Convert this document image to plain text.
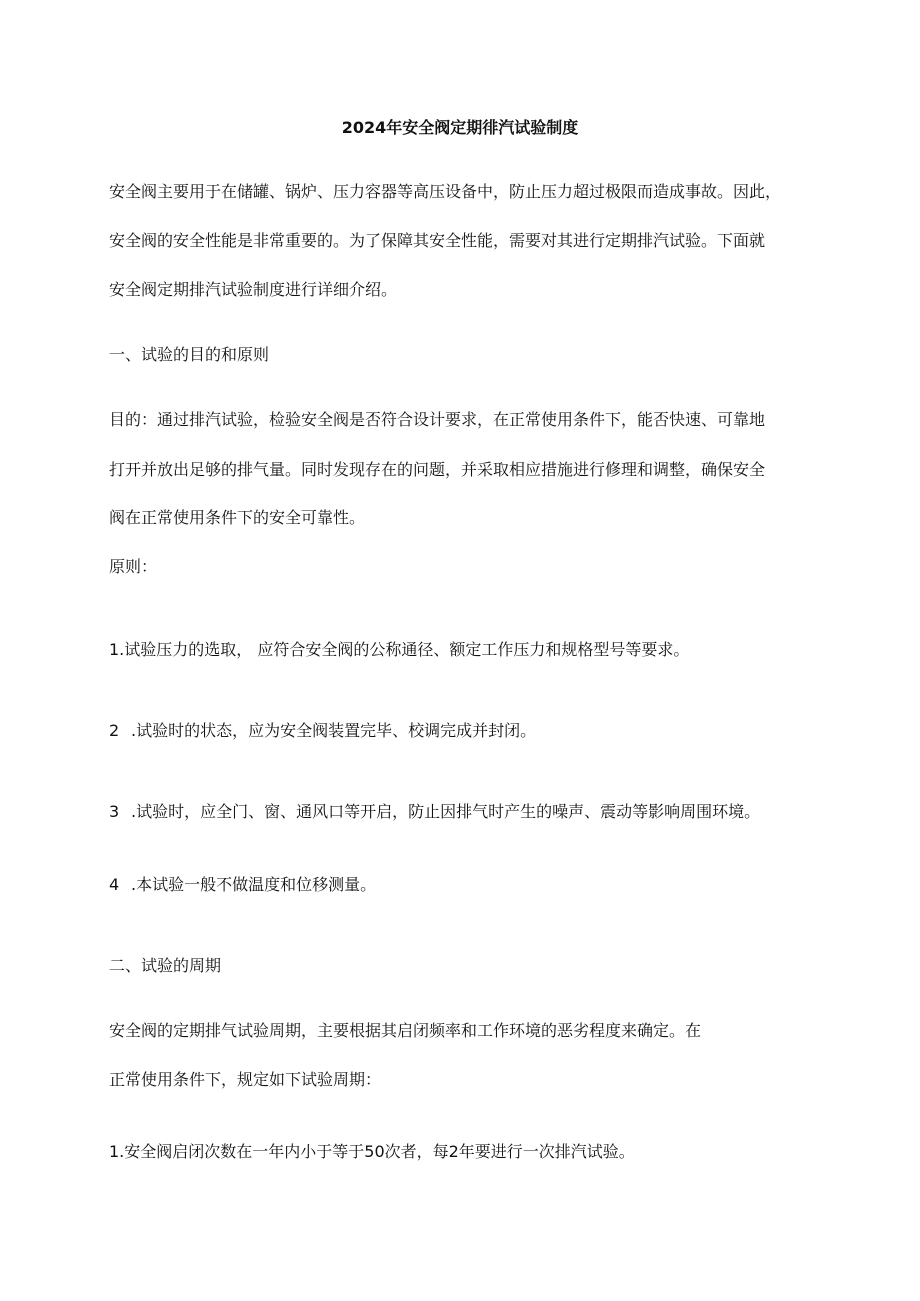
2024年安全阀定期徘汽试验制度
安全阀主要用于在储罐、锅炉、压力容器等高压设备中，防止压力超过极限而造成事故。因此，
安全阀的安全性能是非常重要的。为了保障其安全性能，需要对其进行定期排汽试验。下面就
安全阀定期排汽试验制度进行详细介绍。
一、试验的目的和原则
目的：通过排汽试验，检验安全阀是否符合设计要求，在正常使用条件下，能否快速、可靠地
打开并放出足够的排气量。同时发现存在的问题，并采取相应措施进行修理和调整，确保安全
阀在正常使用条件下的安全可靠性。
原则：
1.试验压力的选取， 应符合安全阀的公称通径、额定工作压力和规格型号等要求。
2 .试验时的状态，应为安全阀装置完毕、校调完成并封闭。
3 .试验时，应全门、窗、通风口等开启，防止因排气时产生的噪声、震动等影响周围环境。
4 .本试验一般不做温度和位移测量。
二、试验的周期
安全阀的定期排气试验周期，主要根据其启闭频率和工作环境的恶劣程度来确定。在
正常使用条件下，规定如下试验周期：
1.安全阀启闭次数在一年内小于等于50次者，每2年要进行一次排汽试验。
